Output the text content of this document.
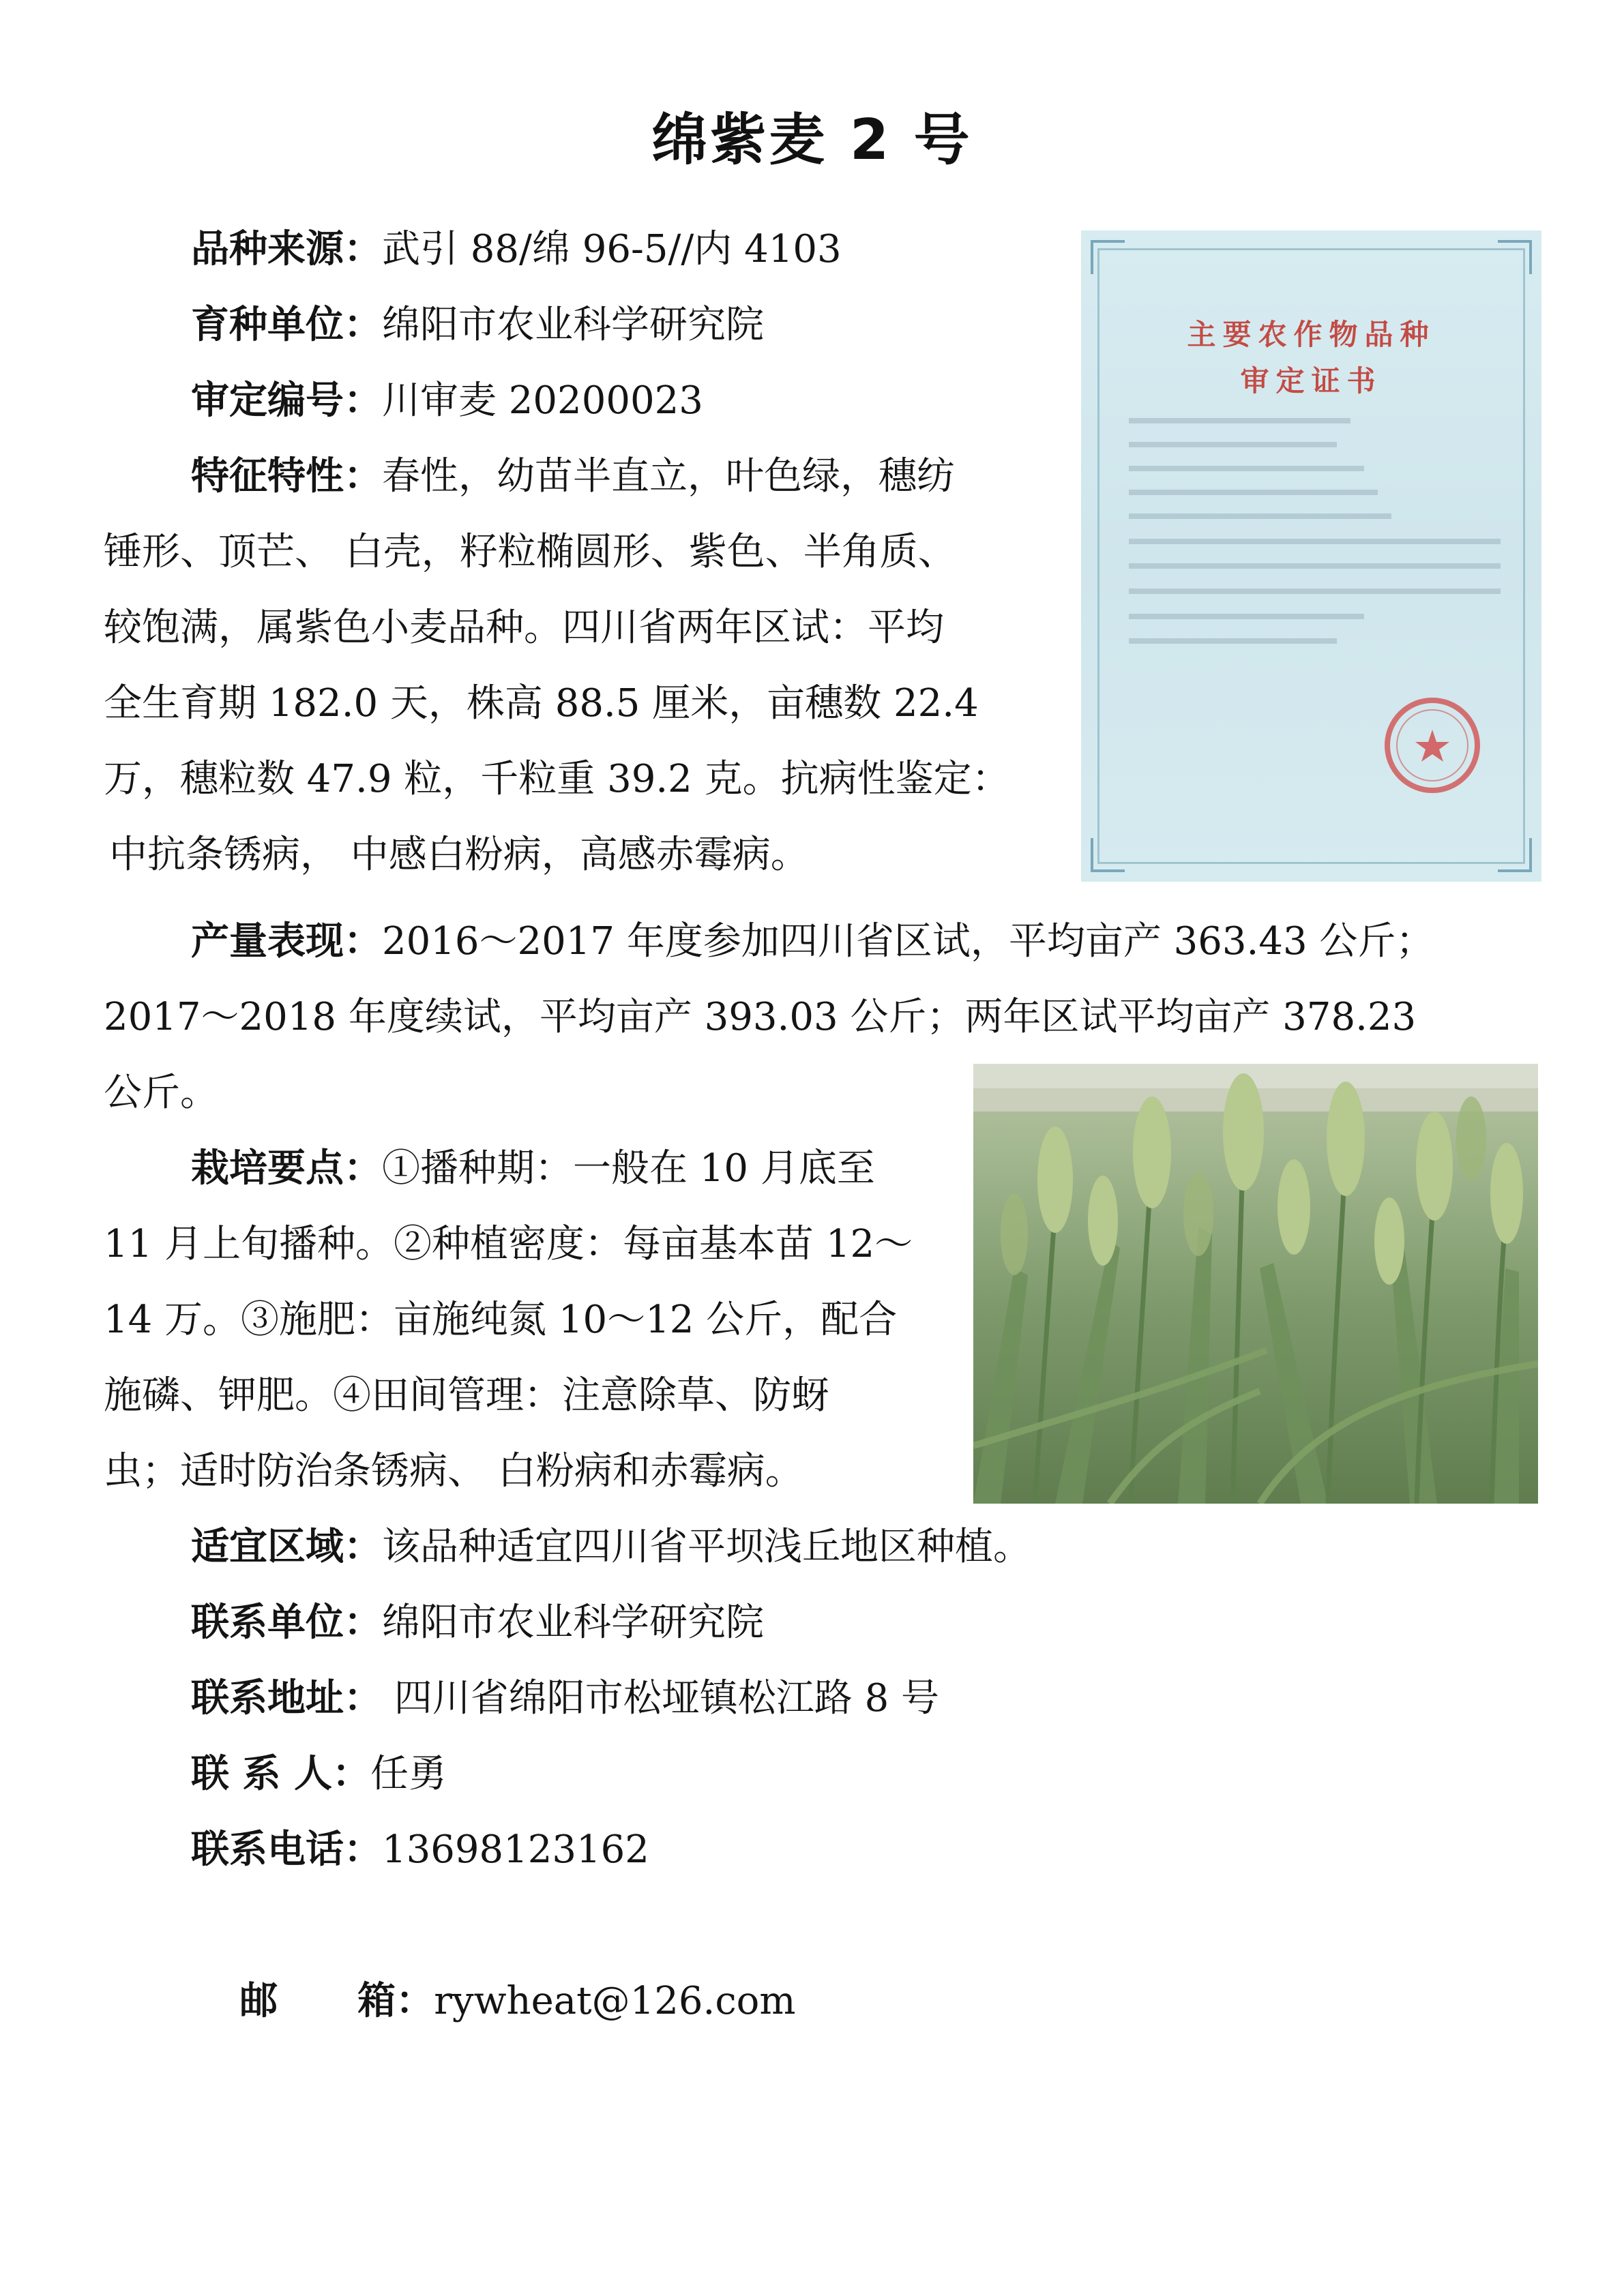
绵紫麦 2 号
品种来源：武引 88/绵 96-5//内 4103
育种单位：绵阳市农业科学研究院
审定编号：川审麦 20200023
特征特性：春性，幼苗半直立，叶色绿，穗纺
锤形、顶芒、 白壳，籽粒椭圆形、紫色、半角质、
较饱满，属紫色小麦品种。四川省两年区试：平均
全生育期 182.0 天，株高 88.5 厘米，亩穗数 22.4
万，穗粒数 47.9 粒，千粒重 39.2 克。抗病性鉴定：
中抗条锈病， 中感白粉病，高感赤霉病。
产量表现：2016～2017 年度参加四川省区试，平均亩产 363.43 公斤；
2017～2018 年度续试，平均亩产 393.03 公斤；两年区试平均亩产 378.23
公斤。
栽培要点：①播种期：一般在 10 月底至
11 月上旬播种。②种植密度：每亩基本苗 12～
14 万。③施肥：亩施纯氮 10～12 公斤，配合
施磷、钾肥。④田间管理：注意除草、防蚜
虫；适时防治条锈病、 白粉病和赤霉病。
适宜区域：该品种适宜四川省平坝浅丘地区种植。
联系单位：绵阳市农业科学研究院
联系地址： 四川省绵阳市松垭镇松江路 8 号
联 系 人：任勇
联系电话：13698123162

邮      箱：rywheat@126.com

主要农作物品种
审定证书
